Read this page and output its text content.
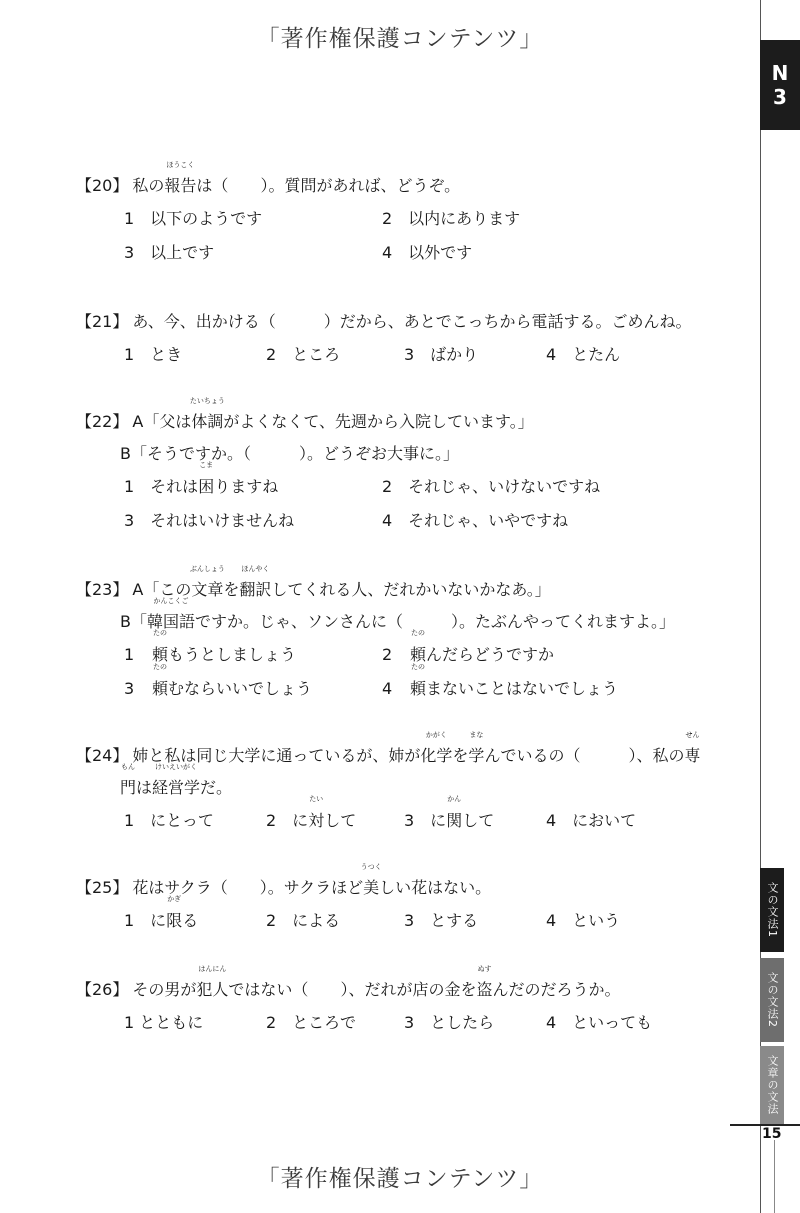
「著作権保護コンテンツ」
N
3
文の文法1
文の文法2
文章の文法
15
【20】 私の報告
ほうこく
は（　　 ）。質問があれば、どうぞ。
1　以下のようです	2　以内にあります
3　以上です	4　以外です
【21】 あ、今、出かける（　　　	）だから、あとでこっちから電話する。ごめんね。
1　とき	2　ところ	3　ばかり	4　とたん
【22】 A「父は体調
たいちょう
がよくなくて、先週から入院しています。」
B「そうですか。（　　　	）。どうぞお大事に。」
1　それは困
こま
りますね	2　それじゃ、いけないですね
3　それはいけませんね	4　それじゃ、いやですね
【23】 A「この文章
ぶんしょう
を翻訳
ほんやく
してくれる人、だれかいないかなあ。」
B「韓国語
かんこくご
ですか。じゃ、ソンさんに（　　　	）。たぶんやってくれますよ。」
1 頼
たの
もうとしましょう	2 頼
たの
んだらどうですか
3 頼
たの
むならいいでしょう	4 頼
たの
まないことはないでしょう
【24】 姉と私は同じ大学に通っているが、姉が化学
かがく
を学
まな
んでいるの（　　　	）、私の専
せん
門
もん
は経営学
けいえいがく
だ。
1　にとって	2　に対
たい
して	3　に関
かん
して	4　において
【25】 花はサクラ（　　 ）。サクラほど美
うつく
しい花はない。
1　に限
かぎ
る	2　による	3　とする	4　という
【26】 その男が犯人
はんにん
ではない（　　 ）、だれが店の金を盗
ぬす
んだのだろうか。
1 とともに	2　ところで	3　としたら	4　といっても
「著作権保護コンテンツ」
